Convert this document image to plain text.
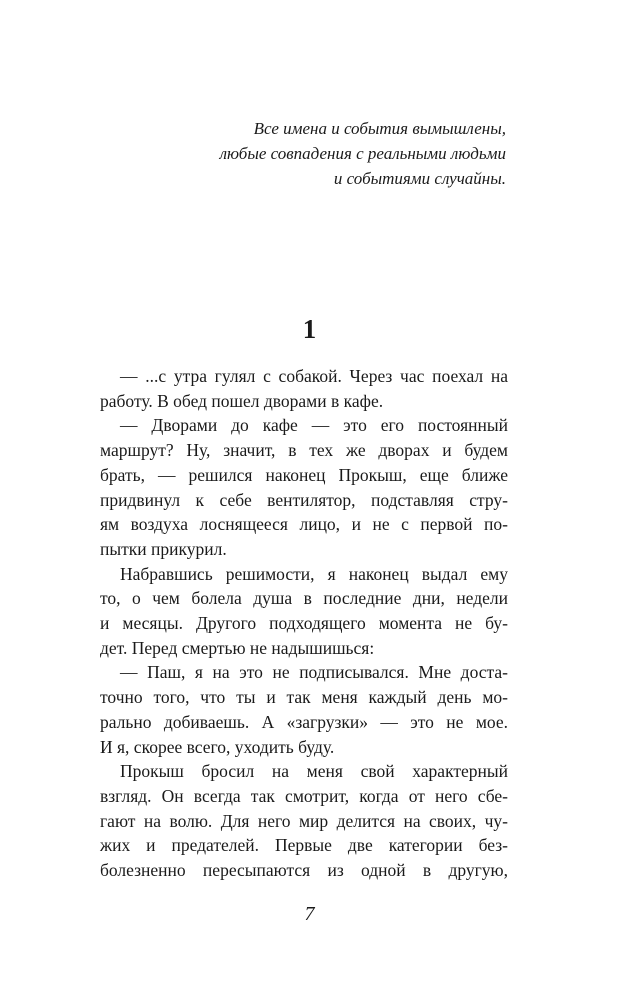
Все имена и события вымышлены,
любые совпадения с реальными людьми
и событиями случайны.
1
— ...с утра гулял с собакой. Через час поехал на
работу. В обед пошел дворами в кафе.
— Дворами до кафе — это его постоянный
маршрут? Ну, значит, в тех же дворах и будем
брать, — решился наконец Прокыш, еще ближе
придвинул к себе вентилятор, подставляя стру-
ям воздуха лоснящееся лицо, и не с первой по-
пытки прикурил.
Набравшись решимости, я наконец выдал ему
то, о чем болела душа в последние дни, недели
и месяцы. Другого подходящего момента не бу-
дет. Перед смертью не надышишься:
— Паш, я на это не подписывался. Мне доста-
точно того, что ты и так меня каждый день мо-
рально добиваешь. А «загрузки» — это не мое.
И я, скорее всего, уходить буду.
Прокыш бросил на меня свой характерный
взгляд. Он всегда так смотрит, когда от него сбе-
гают на волю. Для него мир делится на своих, чу-
жих и предателей. Первые две категории без-
болезненно пересыпаются из одной в другую,
7
